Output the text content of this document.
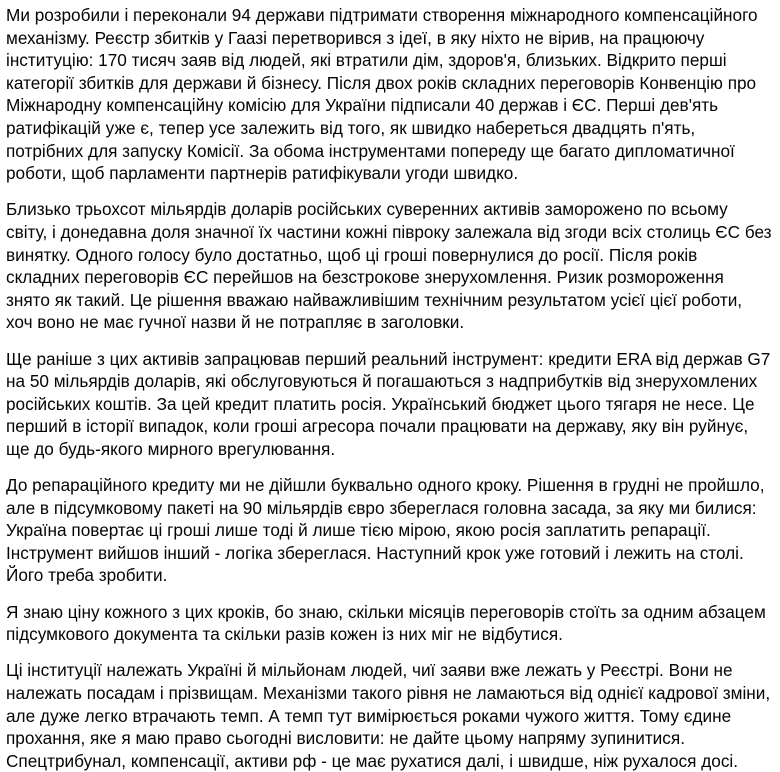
Ми розробили і переконали 94 держави підтримати створення міжнародного компенсаційного механізму. Реєстр збитків у Гаазі перетворився з ідеї, в яку ніхто не вірив, на працюючу інституцію: 170 тисяч заяв від людей, які втратили дім, здоров'я, близьких. Відкрито перші категорії збитків для держави й бізнесу. Після двох років складних переговорів Конвенцію про Міжнародну компенсаційну комісію для України підписали 40 держав і ЄС. Перші дев'ять ратифікацій уже є, тепер усе залежить від того, як швидко набереться двадцять п'ять, потрібних для запуску Комісії. За обома інструментами попереду ще багато дипломатичної роботи, щоб парламенти партнерів ратифікували угоди швидко.

Близько трьохсот мільярдів доларів російських суверенних активів заморожено по всьому світу, і донедавна доля значної їх частини кожні півроку залежала від згоди всіх столиць ЄС без винятку. Одного голосу було достатньо, щоб ці гроші повернулися до росії. Після років складних переговорів ЄС перейшов на безстрокове знерухомлення. Ризик розмороження знято як такий. Це рішення вважаю найважливішим технічним результатом усієї цієї роботи, хоч воно не має гучної назви й не потрапляє в заголовки.

Ще раніше з цих активів запрацював перший реальний інструмент: кредити ERA від держав G7 на 50 мільярдів доларів, які обслуговуються й погашаються з надприбутків від знерухомлених російських коштів. За цей кредит платить росія. Український бюджет цього тягаря не несе. Це перший в історії випадок, коли гроші агресора почали працювати на державу, яку він руйнує, ще до будь-якого мирного врегулювання.

До репараційного кредиту ми не дійшли буквально одного кроку. Рішення в грудні не пройшло, але в підсумковому пакеті на 90 мільярдів євро збереглася головна засада, за яку ми билися: Україна повертає ці гроші лише тоді й лише тією мірою, якою росія заплатить репарації. Інструмент вийшов інший - логіка збереглася. Наступний крок уже готовий і лежить на столі. Його треба зробити.

Я знаю ціну кожного з цих кроків, бо знаю, скільки місяців переговорів стоїть за одним абзацем підсумкового документа та скільки разів кожен із них міг не відбутися.

Ці інституції належать Україні й мільйонам людей, чиї заяви вже лежать у Реєстрі. Вони не належать посадам і прізвищам. Механізми такого рівня не ламаються від однієї кадрової зміни, але дуже легко втрачають темп. А темп тут вимірюється роками чужого життя. Тому єдине прохання, яке я маю право сьогодні висловити: не дайте цьому напряму зупинитися. Спецтрибунал, компенсації, активи рф - це має рухатися далі, і швидше, ніж рухалося досі.
